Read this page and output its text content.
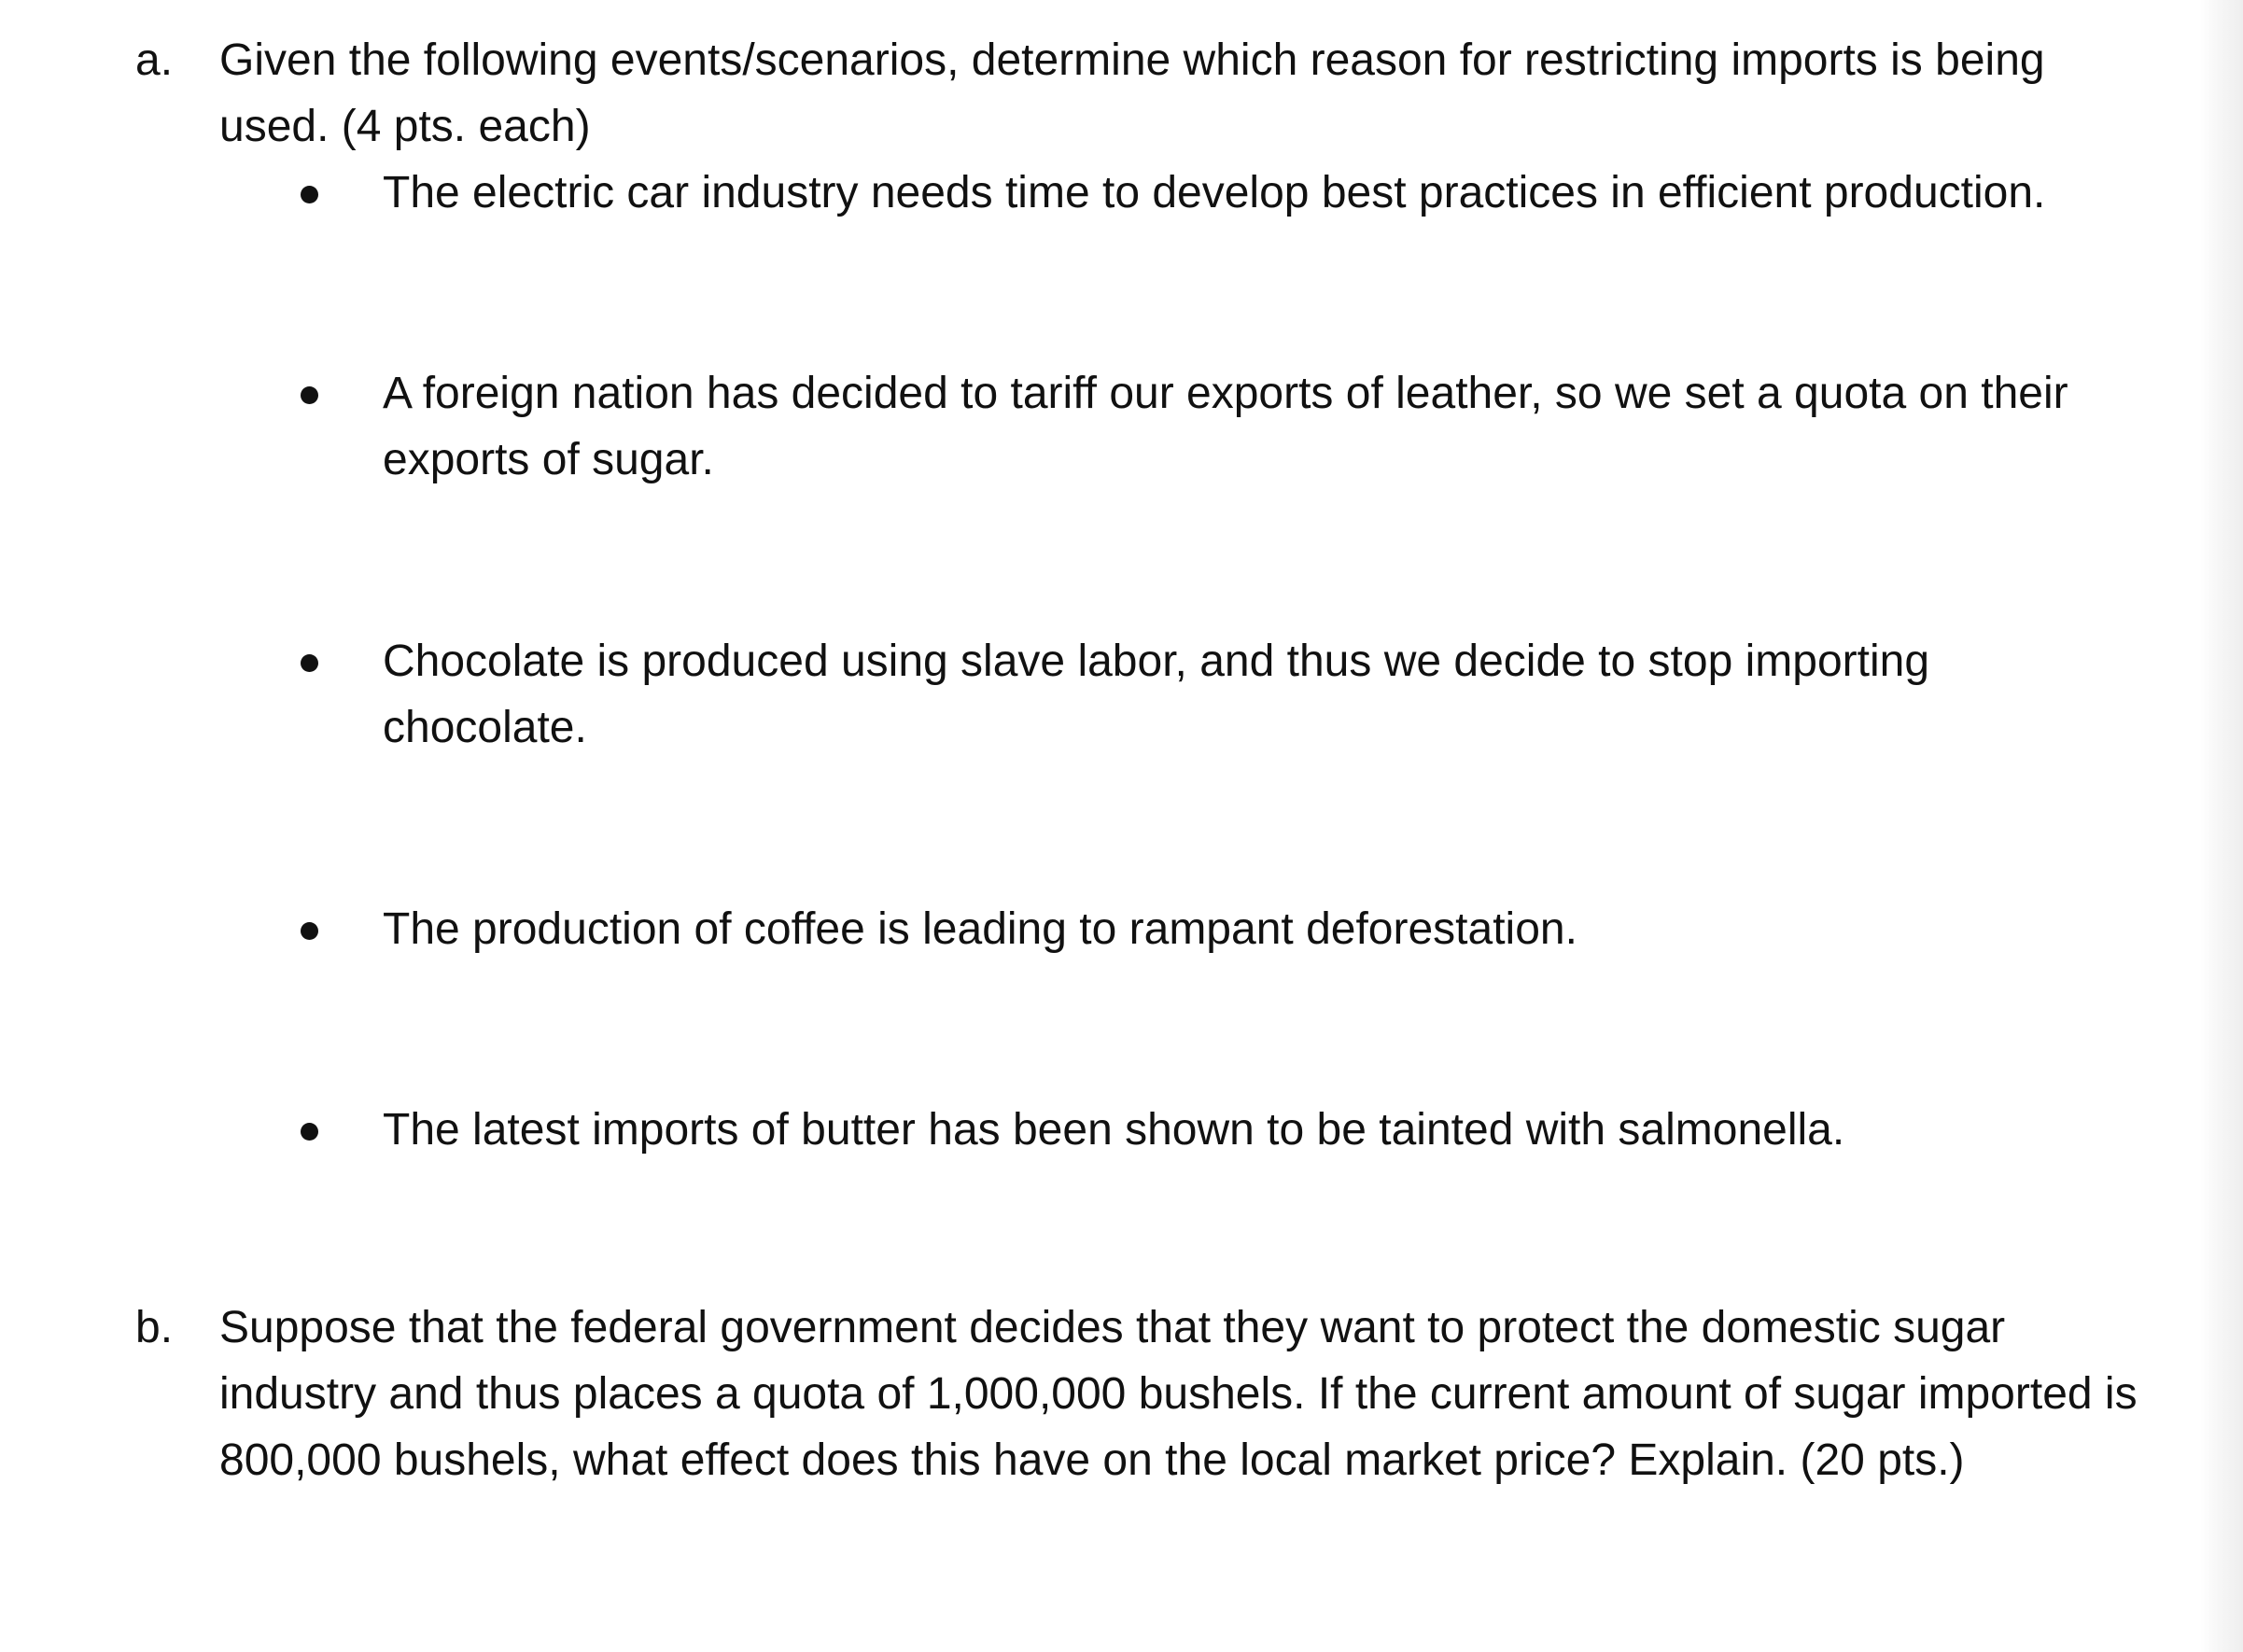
a. Given the following events/scenarios, determine which reason for restricting imports is being used. (4 pts. each)
The electric car industry needs time to develop best practices in efficient production.
A foreign nation has decided to tariff our exports of leather, so we set a quota on their exports of sugar.
Chocolate is produced using slave labor, and thus we decide to stop importing chocolate.
The production of coffee is leading to rampant deforestation.
The latest imports of butter has been shown to be tainted with salmonella.
b. Suppose that the federal government decides that they want to protect the domestic sugar industry and thus places a quota of 1,000,000 bushels. If the current amount of sugar imported is 800,000 bushels, what effect does this have on the local market price? Explain. (20 pts.)
